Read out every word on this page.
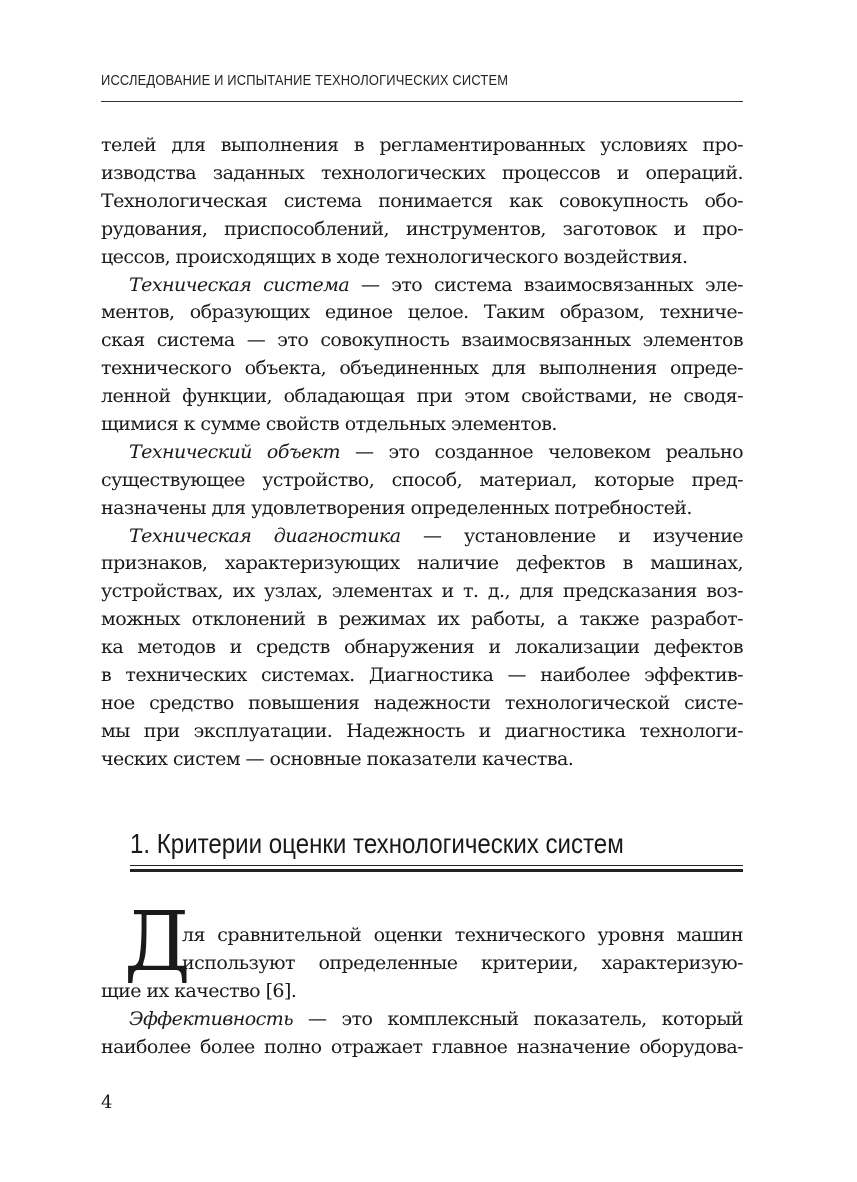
ИССЛЕДОВАНИЕ И ИСПЫТАНИЕ ТЕХНОЛОГИЧЕСКИХ СИСТЕМ
телей для выполнения в регламентированных условиях про-
изводства заданных технологических процессов и операций.
Технологическая система понимается как совокупность обо-
рудования, приспособлений, инструментов, заготовок и про-
цессов, происходящих в ходе технологического воздействия.
Техническая система — это система взаимосвязанных эле-
ментов, образующих единое целое. Таким образом, техниче-
ская система — это совокупность взаимосвязанных элементов
технического объекта, объединенных для выполнения опреде-
ленной функции, обладающая при этом свойствами, не сводя-
щимися к сумме свойств отдельных элементов.
Технический объект — это созданное человеком реально
существующее устройство, способ, материал, которые пред-
назначены для удовлетворения определенных потребностей.
Техническая диагностика — установление и изучение
признаков, характеризующих наличие дефектов в машинах,
устройствах, их узлах, элементах и т. д., для предсказания воз-
можных отклонений в режимах их работы, а также разработ-
ка методов и средств обнаружения и локализации дефектов
в технических системах. Диагностика — наиболее эффектив-
ное средство повышения надежности технологической систе-
мы при эксплуатации. Надежность и диагностика технологи-
ческих систем — основные показатели качества.
1. Критерии оценки технологических систем
Д
ля сравнительной оценки технического уровня машин
используют определенные критерии, характеризую-
щие их качество [6].
Эффективность — это комплексный показатель, который
наиболее более полно отражает главное назначение оборудова-
4
